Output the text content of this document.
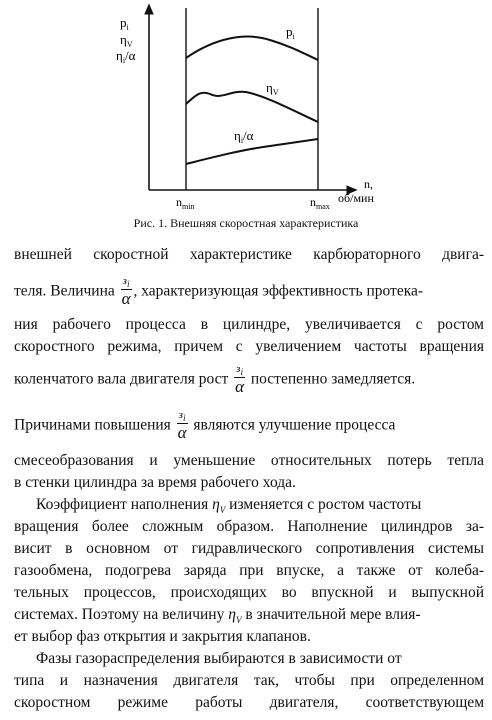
$p_i$
$\eta_V$
$\eta_i/\alpha$
$p_i$
$\eta_V$
$\eta_i/\alpha$
$n_{min}$	$n_{max}$
n,
об/мин
Рис. 1. Внешняя скоростная характеристика
внешней скоростной характеристике карбюраторного двига-
теля. Величина $\frac{з_i}{\alpha}$ , характеризующая эффективность протека-
ния рабочего процесса в цилиндре, увеличивается с ростом
скоростного режима, причем с увеличением частоты вращения
коленчатого вала двигателя рост $\frac{з_i}{\alpha}$ постепенно замедляется.
Причинами повышения $\frac{з_i}{\alpha}$ являются улучшение процесса
смесеобразования и уменьшение относительных потерь тепла
в стенки цилиндра за время рабочего хода.
Коэффициент наполнения $\eta_V$ изменяется с ростом частоты
вращения более сложным образом. Наполнение цилиндров за-
висит в основном от гидравлического сопротивления системы
газообмена, подогрева заряда при впуске, а также от колеба-
тельных процессов, происходящих во впускной и выпускной
системах. Поэтому на величину $\eta_V$ в значительной мере влия-
ет выбор фаз открытия и закрытия клапанов.
Фазы газораспределения выбираются в зависимости от
типа и назначения двигателя так, чтобы при определенном
скоростном режиме работы двигателя, соответствующем
